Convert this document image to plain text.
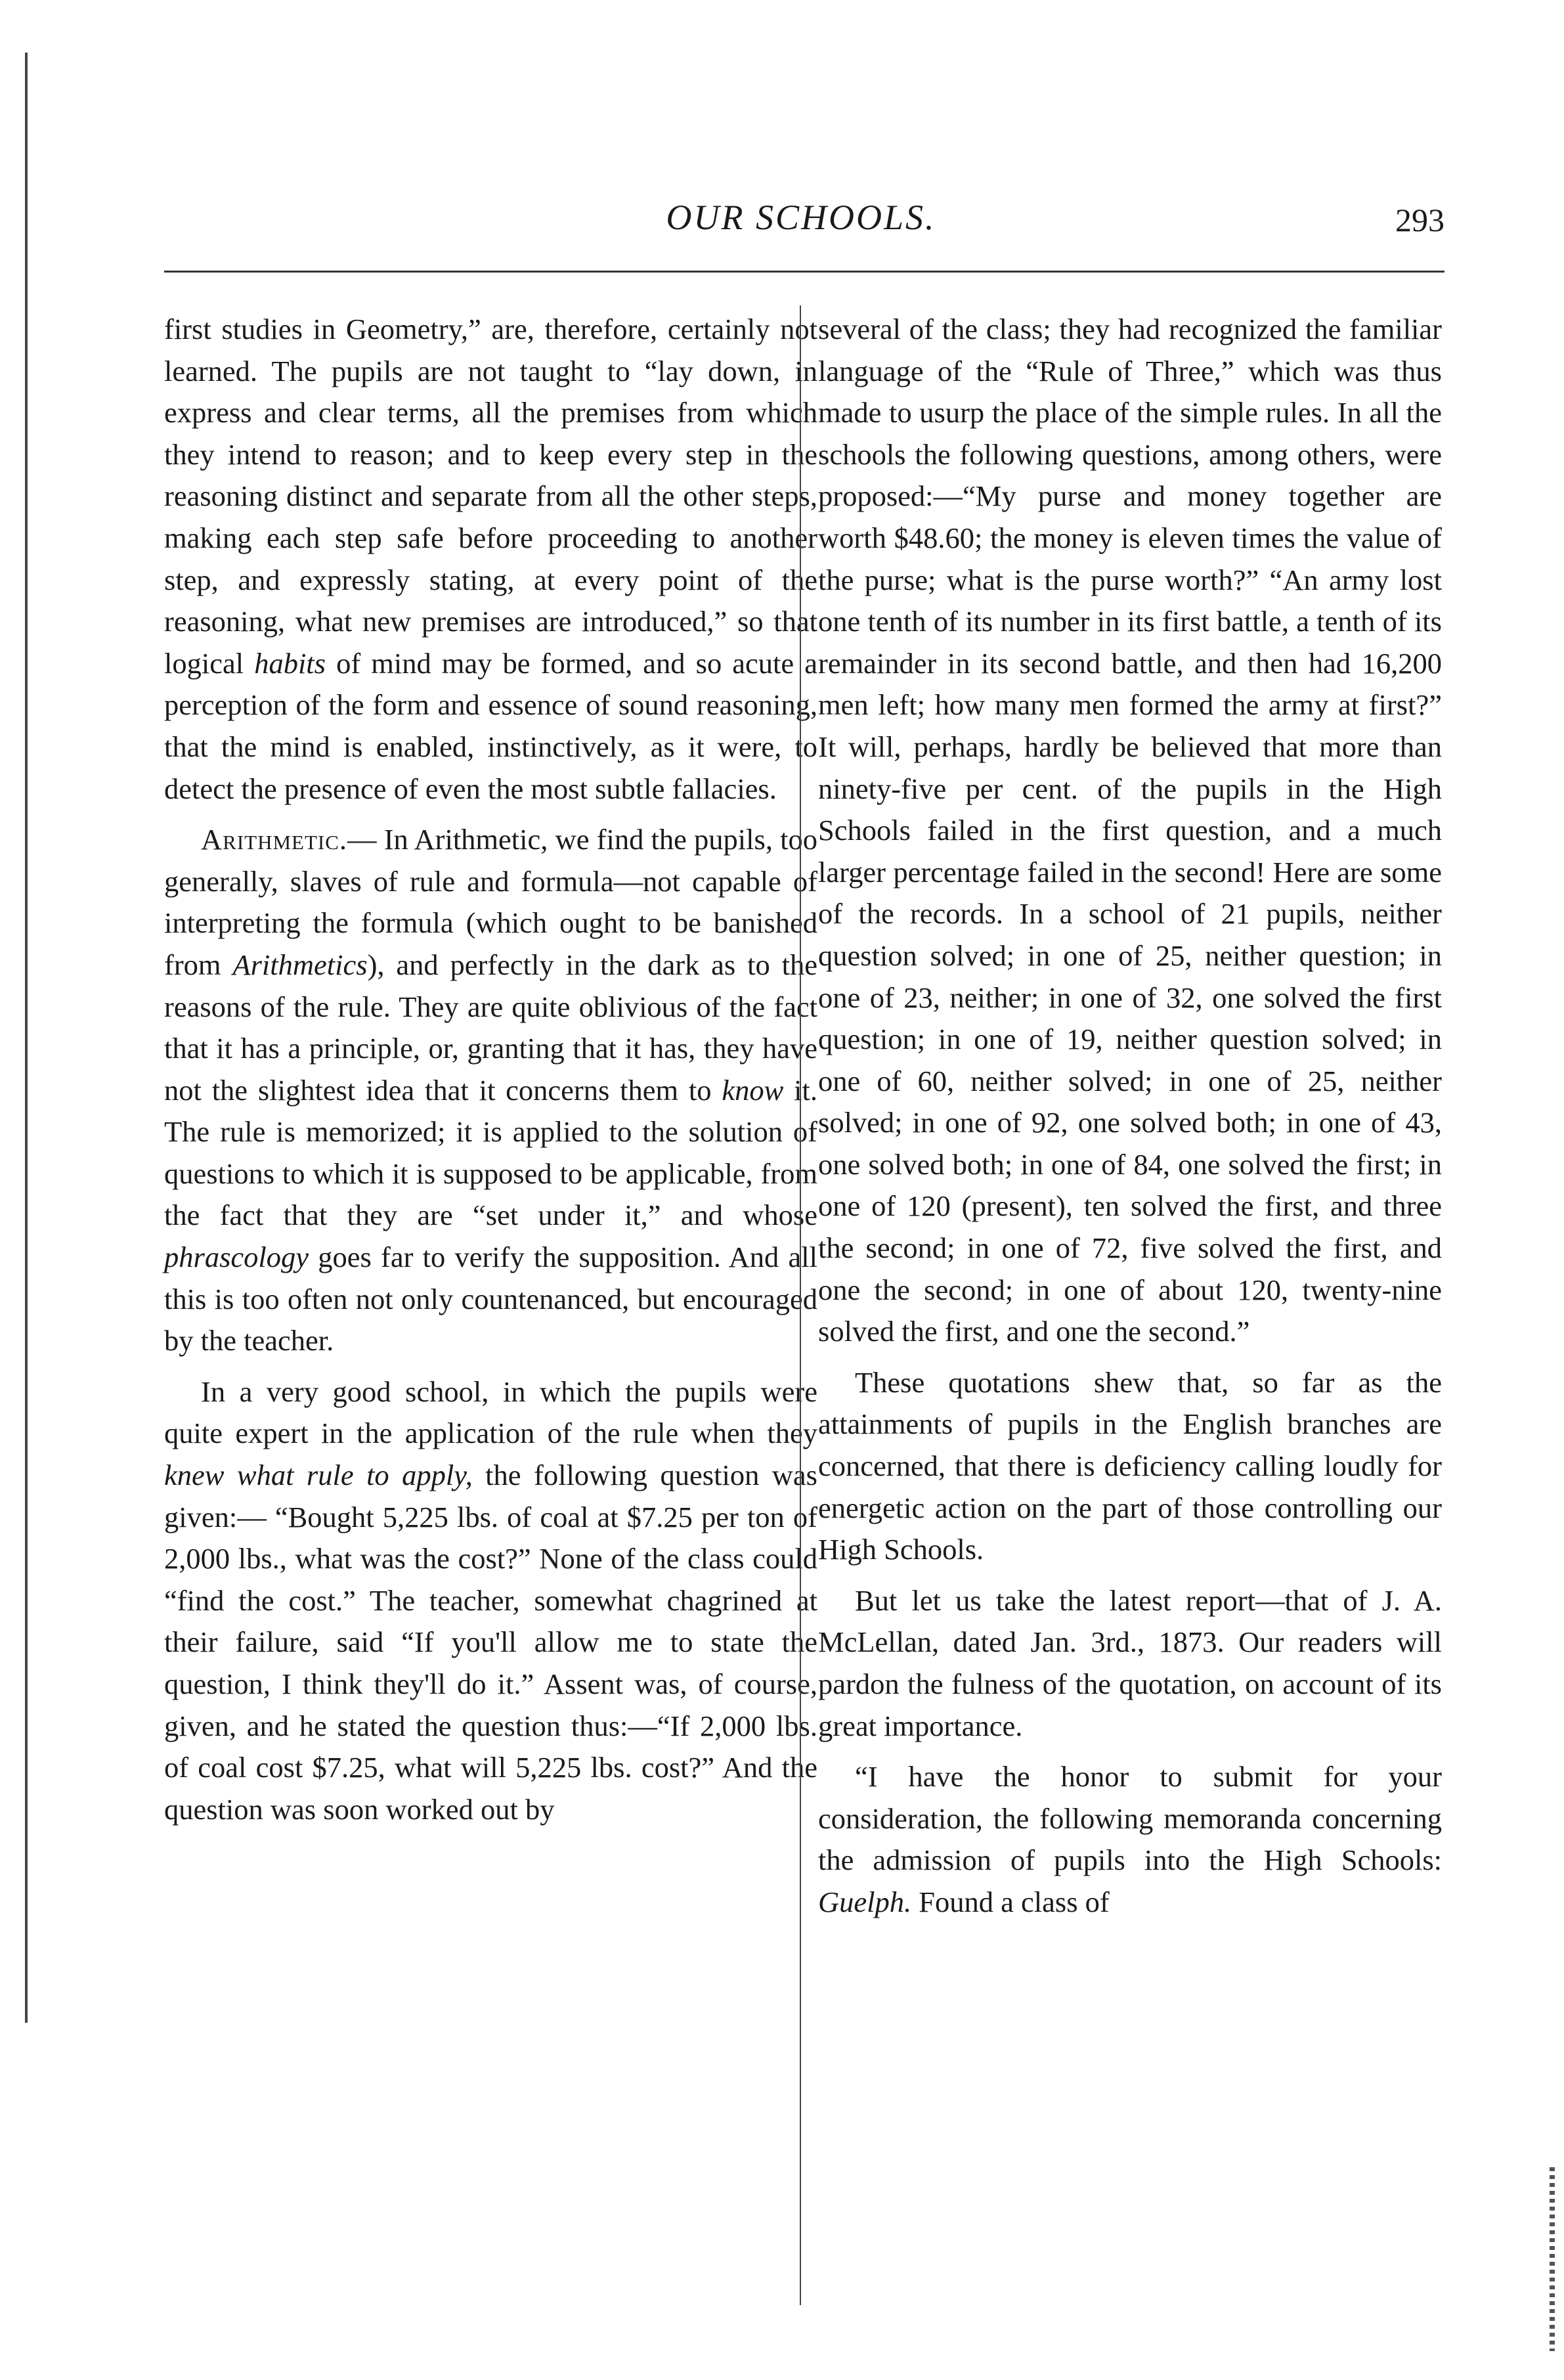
OUR SCHOOLS.	293

first studies in Geometry,” are, therefore, certainly not learned. The pupils are not taught to “lay down, in express and clear terms, all the premises from which they intend to reason; and to keep every step in the reasoning distinct and separate from all the other steps, making each step safe before proceeding to another step, and expressly stating, at every point of the reasoning, what new premises are introduced,” so that logical habits of mind may be formed, and so acute a perception of the form and essence of sound reasoning, that the mind is enabled, instinctively, as it were, to detect the presence of even the most subtle fallacies.

Arithmetic.— In Arithmetic, we find the pupils, too generally, slaves of rule and formula—not capable of interpreting the formula (which ought to be banished from Arithmetics), and perfectly in the dark as to the reasons of the rule. They are quite oblivious of the fact that it has a principle, or, granting that it has, they have not the slightest idea that it concerns them to know it. The rule is memorized; it is applied to the solution of questions to which it is supposed to be applicable, from the fact that they are “set under it,” and whose phrascology goes far to verify the supposition. And all this is too often not only countenanced, but encouraged by the teacher.

In a very good school, in which the pupils were quite expert in the application of the rule when they knew what rule to apply, the following question was given:— “Bought 5,225 lbs. of coal at $7.25 per ton of 2,000 lbs., what was the cost?” None of the class could “find the cost.” The teacher, somewhat chagrined at their failure, said “If you'll allow me to state the question, I think they'll do it.” Assent was, of course, given, and he stated the question thus:—“If 2,000 lbs. of coal cost $7.25, what will 5,225 lbs. cost?” And the question was soon worked out by

several of the class; they had recognized the familiar language of the “Rule of Three,” which was thus made to usurp the place of the simple rules. In all the schools the following questions, among others, were proposed:—“My purse and money together are worth $48.60; the money is eleven times the value of the purse; what is the purse worth?” “An army lost one tenth of its number in its first battle, a tenth of its remainder in its second battle, and then had 16,200 men left; how many men formed the army at first?” It will, perhaps, hardly be believed that more than ninety-five per cent. of the pupils in the High Schools failed in the first question, and a much larger percentage failed in the second! Here are some of the records. In a school of 21 pupils, neither question solved; in one of 25, neither question; in one of 23, neither; in one of 32, one solved the first question; in one of 19, neither question solved; in one of 60, neither solved; in one of 25, neither solved; in one of 92, one solved both; in one of 43, one solved both; in one of 84, one solved the first; in one of 120 (present), ten solved the first, and three the second; in one of 72, five solved the first, and one the second; in one of about 120, twenty-nine solved the first, and one the second.”

These quotations shew that, so far as the attainments of pupils in the English branches are concerned, that there is deficiency calling loudly for energetic action on the part of those controlling our High Schools.

But let us take the latest report—that of J. A. McLellan, dated Jan. 3rd., 1873. Our readers will pardon the fulness of the quotation, on account of its great importance.

“I have the honor to submit for your consideration, the following memoranda concerning the admission of pupils into the High Schools: Guelph. Found a class of
